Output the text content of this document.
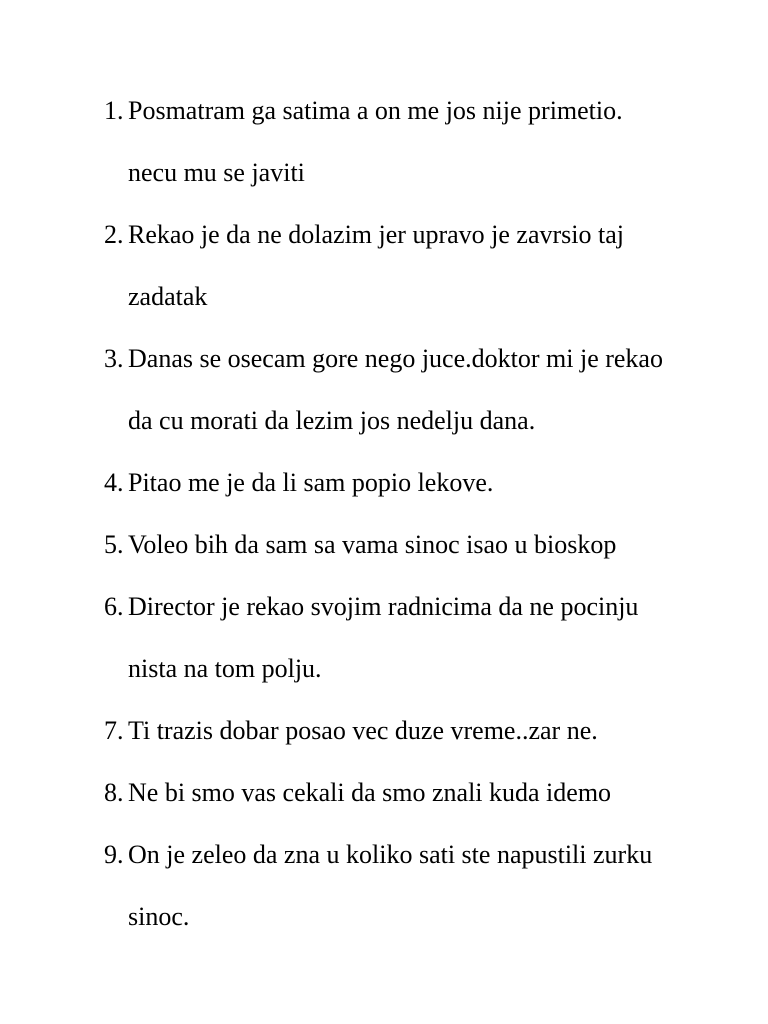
1. Posmatram ga satima a on me jos nije primetio.
necu mu se javiti
2. Rekao je da ne dolazim jer upravo je zavrsio taj
zadatak
3. Danas se osecam gore nego juce.doktor mi je rekao
da cu morati da lezim jos nedelju dana.
4. Pitao me je da li sam popio lekove.
5. Voleo bih da sam sa vama sinoc isao u bioskop
6. Director je rekao svojim radnicima da ne pocinju
nista na tom polju.
7. Ti trazis dobar posao vec duze vreme..zar ne.
8. Ne bi smo vas cekali da smo znali kuda idemo
9. On je zeleo da zna u koliko sati ste napustili zurku
sinoc.
